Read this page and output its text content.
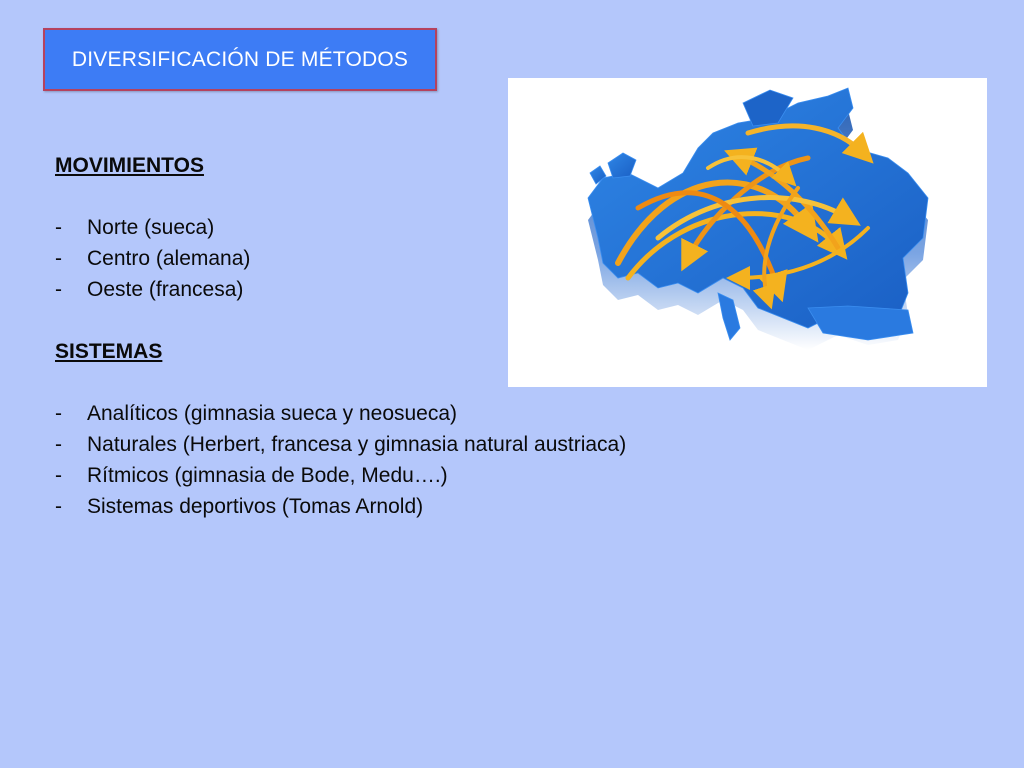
DIVERSIFICACIÓN DE MÉTODOS
MOVIMIENTOS
- Norte (sueca)
- Centro (alemana)
- Oeste (francesa)
SISTEMAS
- Analíticos (gimnasia sueca y neosueca)
- Naturales (Herbert, francesa y gimnasia natural austriaca)
- Rítmicos (gimnasia de Bode, Medu….)
- Sistemas deportivos (Tomas Arnold)
